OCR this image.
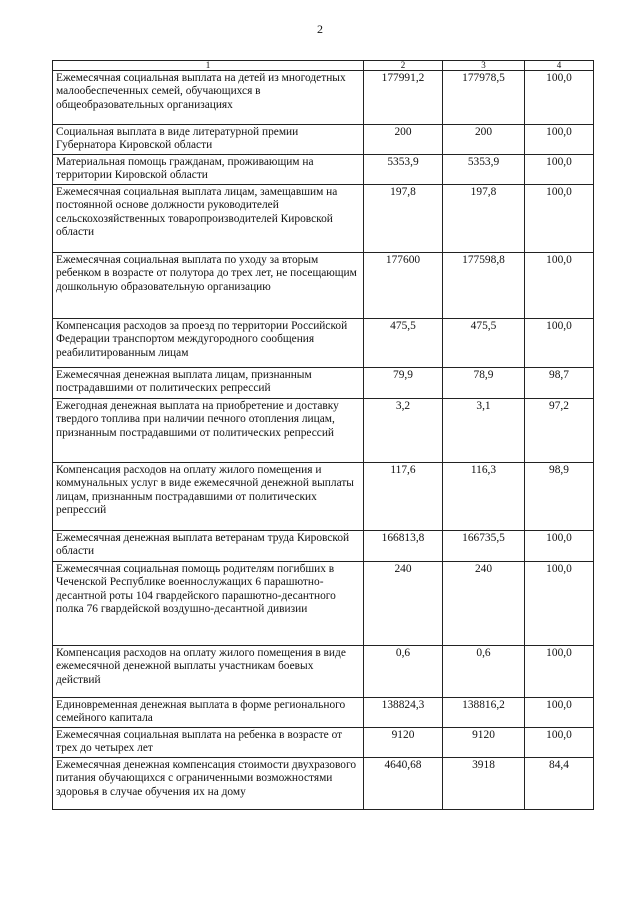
2
1	2	3	4
Ежемесячная социальная выплата на детей из многодетных малообеспеченных семей, обучающихся в общеобразовательных организациях	177991,2	177978,5	100,0
Социальная выплата в виде литературной премии Губернатора Кировской области	200	200	100,0
Материальная помощь гражданам, проживающим на территории Кировской области	5353,9	5353,9	100,0
Ежемесячная социальная выплата лицам, замещавшим на постоянной основе должности руководителей сельскохозяйственных товаропроизводителей Кировской области	197,8	197,8	100,0
Ежемесячная социальная выплата по уходу за вторым ребенком в возрасте от полутора до трех лет, не посещающим дошкольную образовательную организацию	177600	177598,8	100,0
Компенсация расходов за проезд по территории Российской Федерации транспортом междугородного сообщения реабилитированным лицам	475,5	475,5	100,0
Ежемесячная денежная выплата лицам, признанным пострадавшими от политических репрессий	79,9	78,9	98,7
Ежегодная денежная выплата на приобретение и доставку твердого топлива при наличии печного отопления лицам, признанным пострадавшими от политических репрессий	3,2	3,1	97,2
Компенсация расходов на оплату жилого помещения и коммунальных услуг в виде ежемесячной денежной выплаты лицам, признанным пострадавшими от политических репрессий	117,6	116,3	98,9
Ежемесячная денежная выплата ветеранам труда Кировской области	166813,8	166735,5	100,0
Ежемесячная социальная помощь родителям погибших в Чеченской Республике военнослужащих 6 парашютно-десантной роты 104 гвардейского парашютно-десантного полка 76 гвардейской воздушно-десантной дивизии	240	240	100,0
Компенсация расходов на оплату жилого помещения в виде ежемесячной денежной выплаты участникам боевых действий	0,6	0,6	100,0
Единовременная денежная выплата в форме регионального семейного капитала	138824,3	138816,2	100,0
Ежемесячная социальная выплата на ребенка в возрасте от трех до четырех лет	9120	9120	100,0
Ежемесячная денежная компенсация стоимости двухразового питания обучающихся с ограниченными возможностями здоровья в случае обучения их на дому	4640,68	3918	84,4
